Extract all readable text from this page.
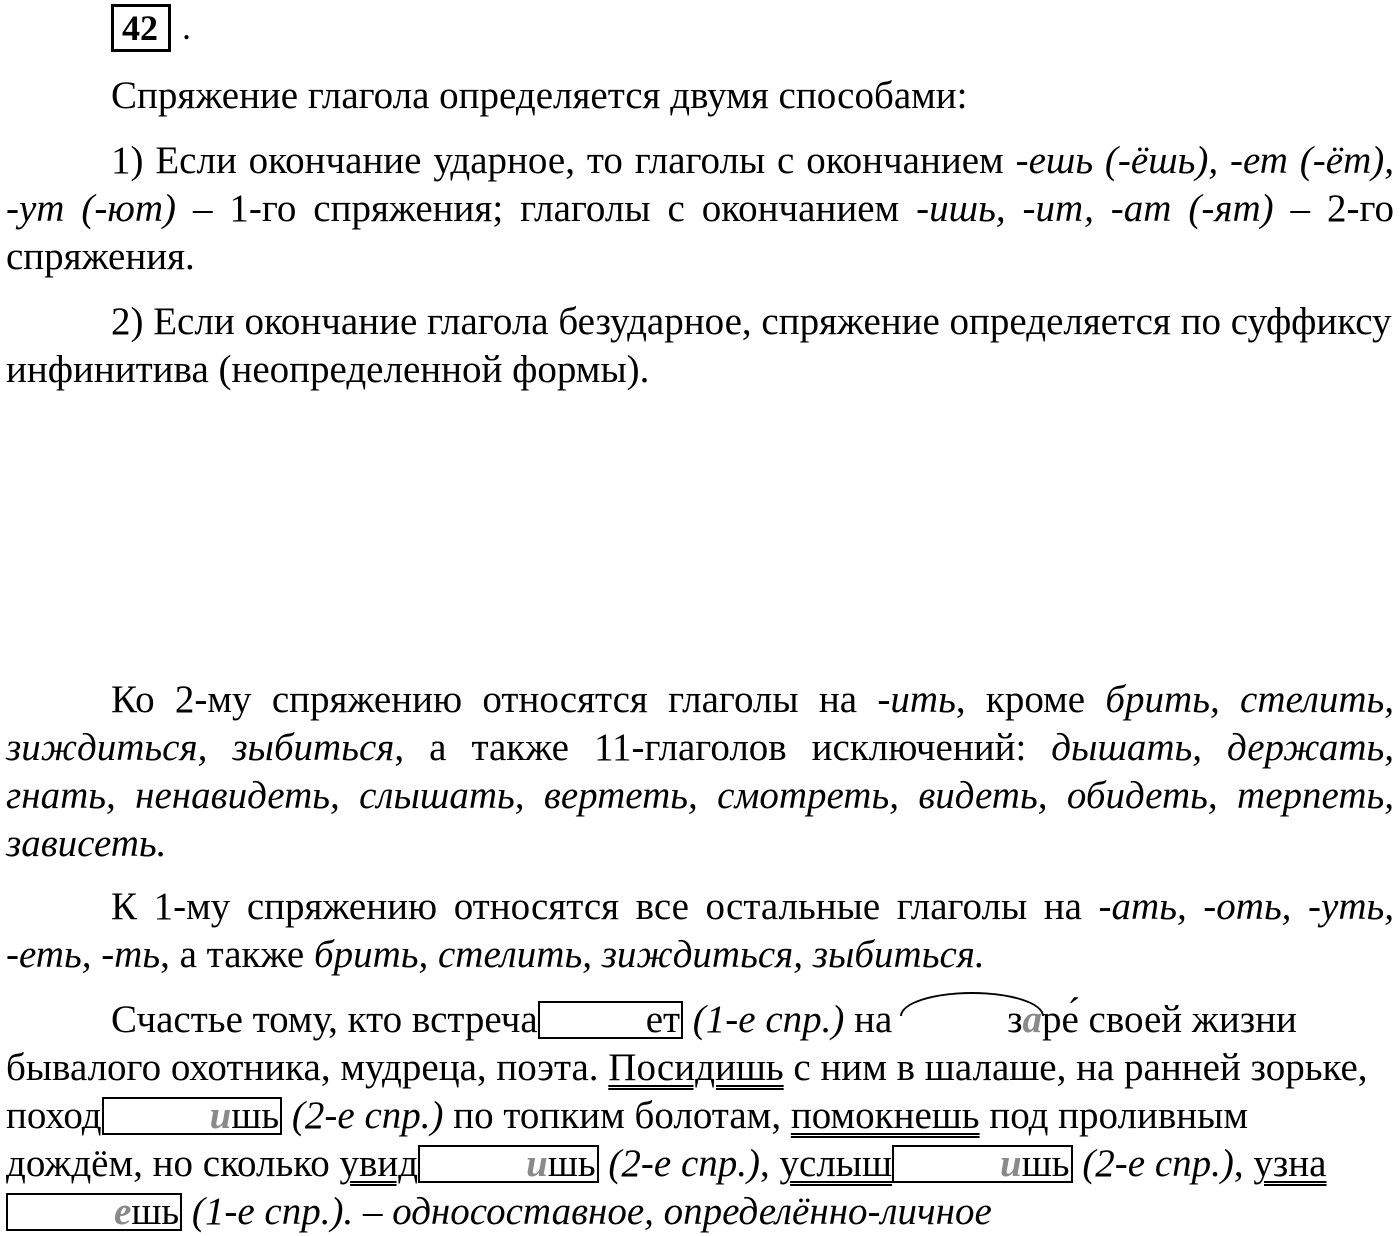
42 .

Спряжение глагола определяется двумя способами:

1) Если окончание ударное, то глаголы с окончанием -ешь (-ёшь), -ет (-ёт), -ут (-ют) – 1-го спряжения; глаголы с окончанием -ишь, -ит, -ат (-ят) – 2-го спряжения.

2) Если окончание глагола безударное, спряжение определяется по суффиксу инфинитива (неопределенной формы).

Ко 2-му спряжению относятся глаголы на -ить, кроме брить, стелить, зиждиться, зыбиться, а также 11-глаголов исключений: дышать, держать, гнать, ненавидеть, слышать, вертеть, смотреть, видеть, обидеть, терпеть, зависеть.

К 1-му спряжению относятся все остальные глаголы на -ать, -оть, -уть, -еть, -ть, а также брить, стелить, зиждиться, зыбиться.

Счастье тому, кто встреча	ет (1-е спр.) на	заре́ своей жизни бывалого охотника, мудреца, поэта. Посидишь с ним в шалаше, на ранней зорьке, поход	ишь (2-е спр.) по топким болотам, помокнешь под проливным дождём, но сколько увид	ишь (2-е спр.), услыш	ишь (2-е спр.), узнаешь (1-е спр.). – односоставное, определённо-личное
